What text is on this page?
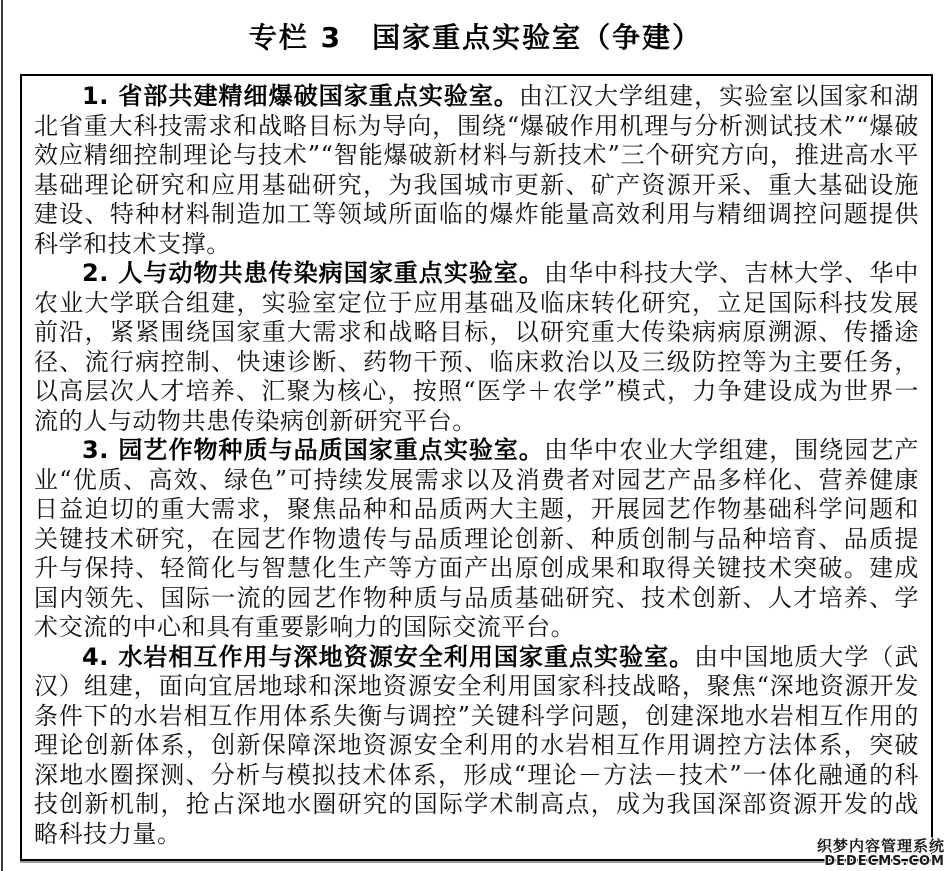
专栏 3　国家重点实验室（争建）

1. 省部共建精细爆破国家重点实验室。由江汉大学组建，实验室以国家和湖北省重大科技需求和战略目标为导向，围绕“爆破作用机理与分析测试技术”“爆破效应精细控制理论与技术”“智能爆破新材料与新技术”三个研究方向，推进高水平基础理论研究和应用基础研究，为我国城市更新、矿产资源开采、重大基础设施建设、特种材料制造加工等领域所面临的爆炸能量高效利用与精细调控问题提供科学和技术支撑。

2. 人与动物共患传染病国家重点实验室。由华中科技大学、吉林大学、华中农业大学联合组建，实验室定位于应用基础及临床转化研究，立足国际科技发展前沿，紧紧围绕国家重大需求和战略目标，以研究重大传染病病原溯源、传播途径、流行病控制、快速诊断、药物干预、临床救治以及三级防控等为主要任务，以高层次人才培养、汇聚为核心，按照“医学＋农学”模式，力争建设成为世界一流的人与动物共患传染病创新研究平台。

3. 园艺作物种质与品质国家重点实验室。由华中农业大学组建，围绕园艺产业“优质、高效、绿色”可持续发展需求以及消费者对园艺产品多样化、营养健康日益迫切的重大需求，聚焦品种和品质两大主题，开展园艺作物基础科学问题和关键技术研究，在园艺作物遗传与品质理论创新、种质创制与品种培育、品质提升与保持、轻简化与智慧化生产等方面产出原创成果和取得关键技术突破。建成国内领先、国际一流的园艺作物种质与品质基础研究、技术创新、人才培养、学术交流的中心和具有重要影响力的国际交流平台。

4. 水岩相互作用与深地资源安全利用国家重点实验室。由中国地质大学（武汉）组建，面向宜居地球和深地资源安全利用国家科技战略，聚焦“深地资源开发条件下的水岩相互作用体系失衡与调控”关键科学问题，创建深地水岩相互作用的理论创新体系，创新保障深地资源安全利用的水岩相互作用调控方法体系，突破深地水圈探测、分析与模拟技术体系，形成“理论－方法－技术”一体化融通的科技创新机制，抢占深地水圈研究的国际学术制高点，成为我国深部资源开发的战略科技力量。	织梦内容管理系统
DEDECMS.COM
